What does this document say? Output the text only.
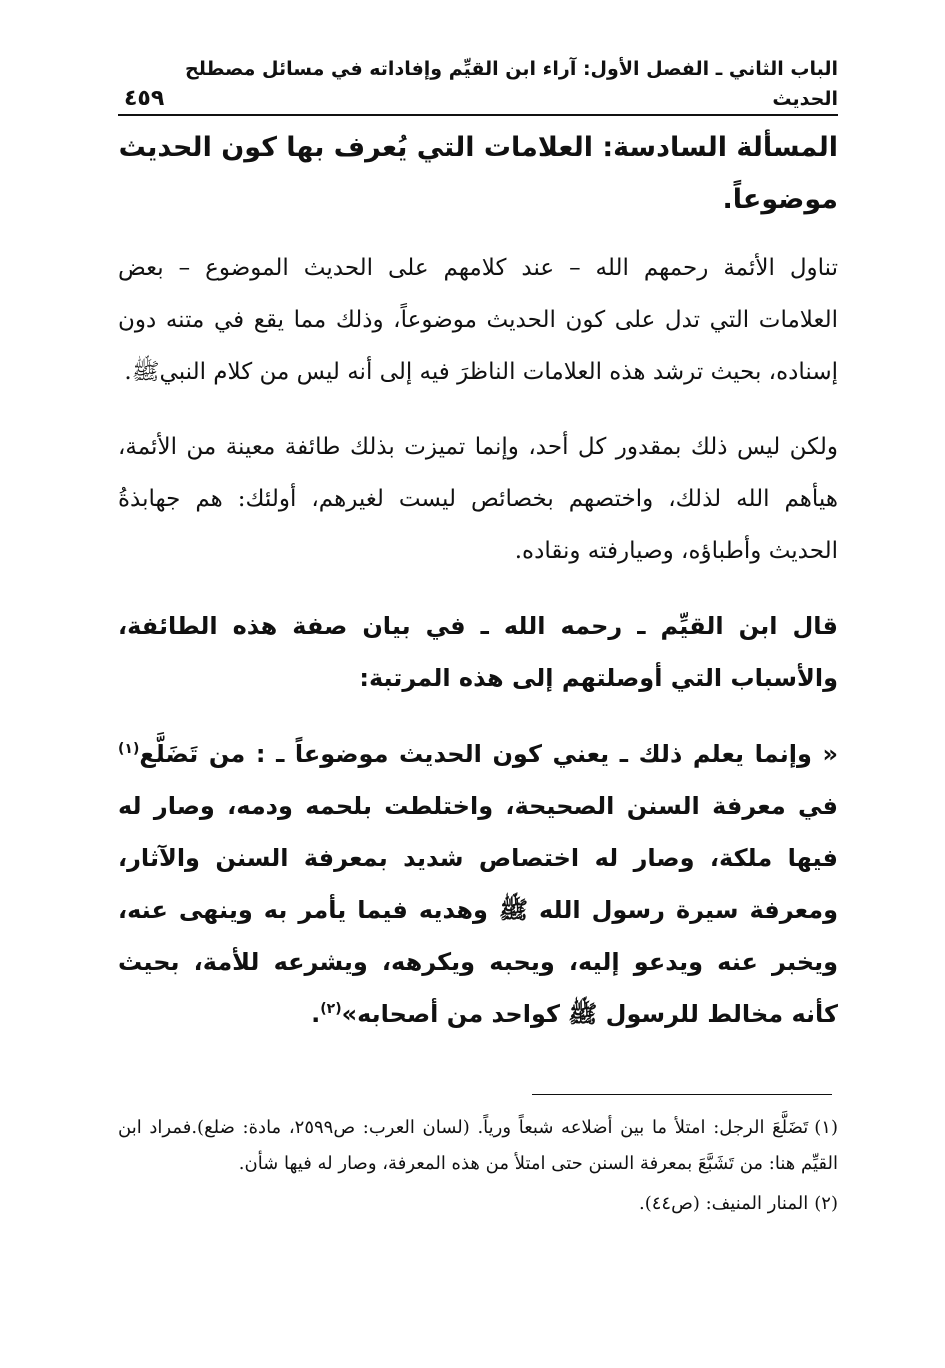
الباب الثاني ـ الفصل الأول: آراء ابن القيِّم وإفاداته في مسائل مصطلح الحديث
٤٥٩
المسألة السادسة: العلامات التي يُعرف بها كون الحديث
موضوعاً.

تناول الأئمة رحمهم الله – عند كلامهم على الحديث الموضوع – بعض العلامات التي تدل على كون الحديث موضوعاً، وذلك مما يقع في متنه دون إسناده، بحيث ترشد هذه العلامات الناظرَ فيه إلى أنه ليس من كلام النبيﷺ.

ولكن ليس ذلك بمقدور كل أحد، وإنما تميزت بذلك طائفة معينة من الأئمة، هيأهم الله لذلك، واختصهم بخصائص ليست لغيرهم، أولئك: هم جهابذةُ الحديث وأطباؤه، وصيارفته ونقاده.

قال ابن القيِّم ـ رحمه الله ـ في بيان صفة هذه الطائفة، والأسباب التي أوصلتهم إلى هذه المرتبة:

« وإنما يعلم ذلك ـ يعني كون الحديث موضوعاً ـ : من تَضَلَّع$^{(١)}$ في معرفة السنن الصحيحة، واختلطت بلحمه ودمه، وصار له فيها ملكة، وصار له اختصاص شديد بمعرفة السنن والآثار، ومعرفة سيرة رسول الله ﷺ وهديه فيما يأمر به وينهى عنه، ويخبر عنه ويدعو إليه، ويحبه ويكرهه، ويشرعه للأمة، بحيث كأنه مخالط للرسول ﷺ كواحد من أصحابه»$^{(٢)}$.

(١)تَضَلَّعَ الرجل: امتلأ ما بين أضلاعه شبعاً ورياً. (لسان العرب: ص٢٥٩٩، مادة: ضلع).فمراد ابن القيِّم هنا: من تَشَبَّعَ بمعرفة السنن حتى امتلأ من هذه المعرفة، وصار له فيها شأن.

(٢)المنار المنيف: (ص٤٤).
